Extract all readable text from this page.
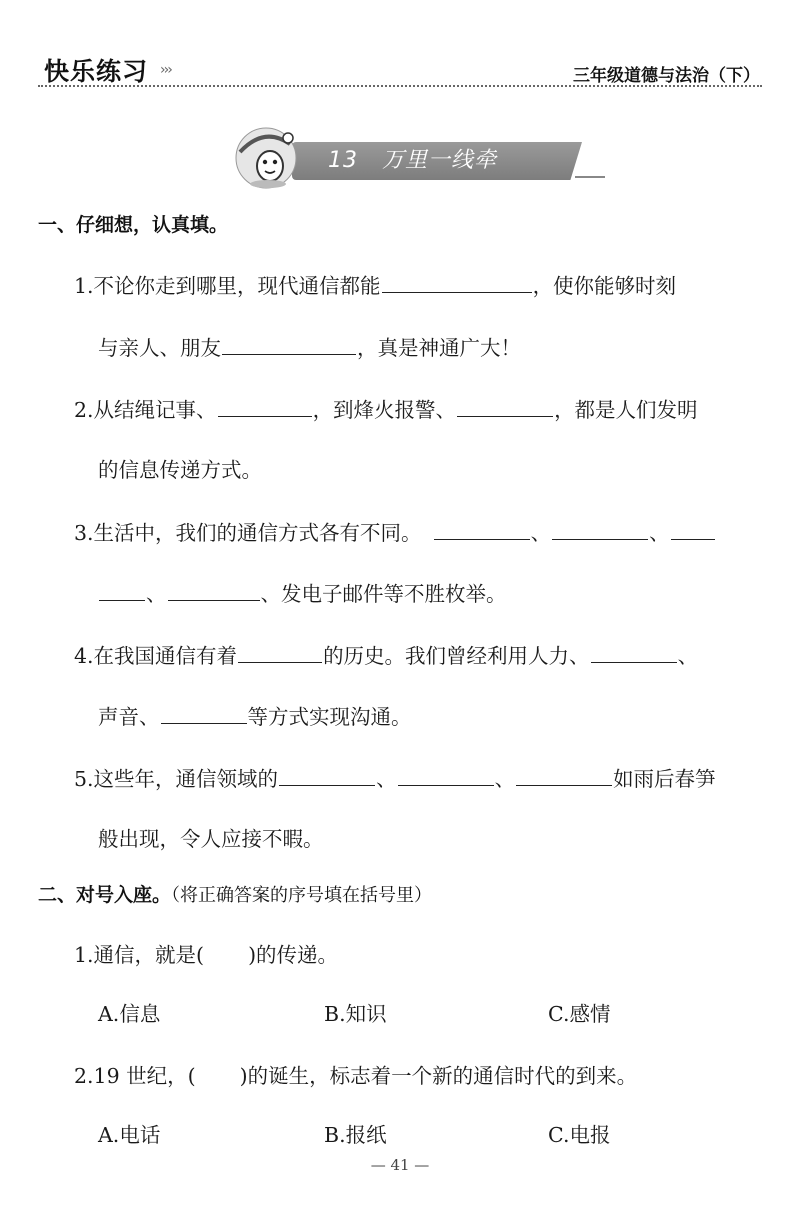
快乐练习 ›››	三年级道德与法治（下）
13   万里一线牵
一、仔细想，认真填。
1.不论你走到哪里，现代通信都能	，使你能够时刻
与亲人、朋友	，真是神通广大！
2.从结绳记事、	，到烽火报警、	，都是人们发明
的信息传递方式。
3.生活中，我们的通信方式各有不同。	、	、
、	、发电子邮件等不胜枚举。
4.在我国通信有着	的历史。我们曾经利用人力、	、
声音、	等方式实现沟通。
5.这些年，通信领域的	、	、	如雨后春笋
般出现，令人应接不暇。
二、对号入座。（将正确答案的序号填在括号里）
1.通信，就是( )的传递。
A.信息	B.知识	C.感情
2.19 世纪，( )的诞生，标志着一个新的通信时代的到来。
A.电话	B.报纸	C.电报
— 41 —
